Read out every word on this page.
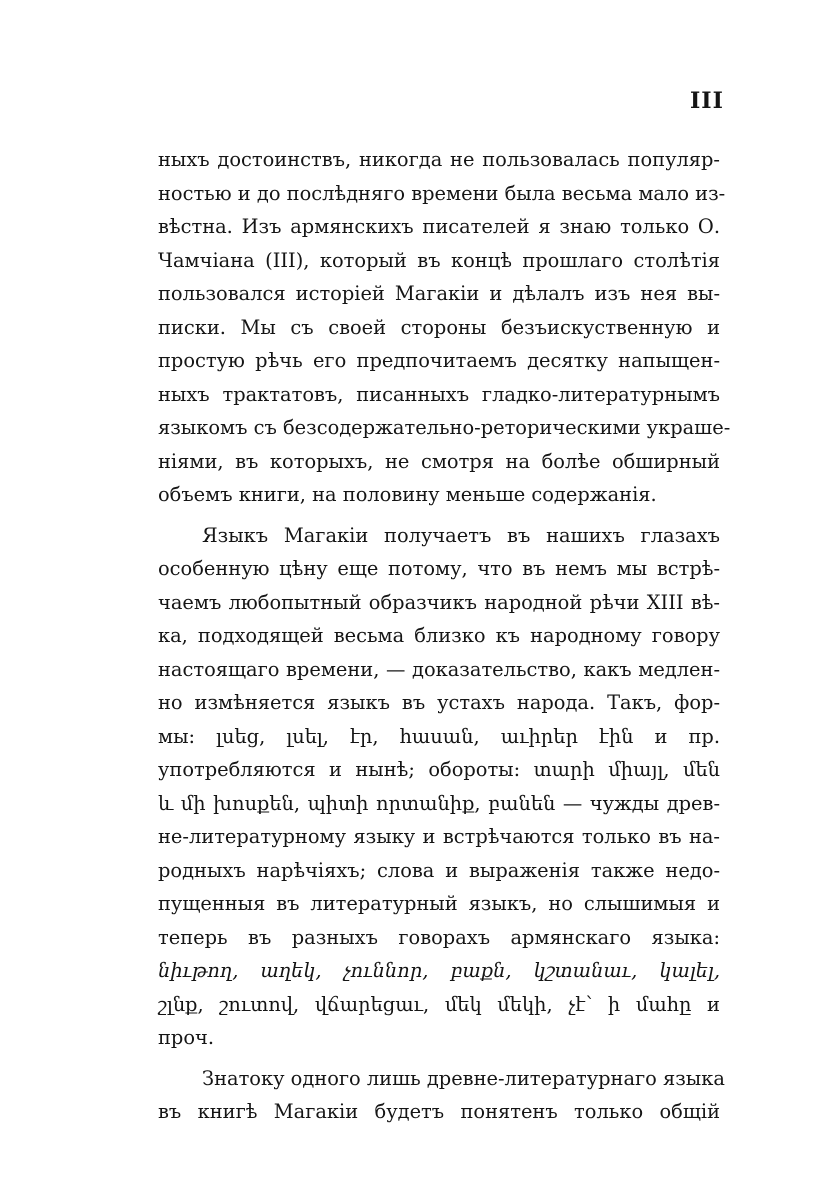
III
ныхъ достоинствъ, никогда не пользовалась популяр-
ностью и до послѣдняго времени была весьма мало из-
вѣстна. Изъ армянскихъ писателей я знаю только О.
Чамчіана (III), который въ концѣ прошлаго столѣтія
пользовался исторіей Магакіи и дѣлалъ изъ нея вы-
писки. Мы съ своей стороны безъискуственную и
простую рѣчь его предпочитаемъ десятку напыщен-
ныхъ трактатовъ, писанныхъ гладко-литературнымъ
языкомъ съ безсодержательно-реторическими украше-
ніями, въ которыхъ, не смотря на болѣе обширный
объемъ книги, на половину меньше содержанія.
Языкъ Магакіи получаетъ въ нашихъ глазахъ
особенную цѣну еще потому, что въ немъ мы встрѣ-
чаемъ любопытный образчикъ народной рѣчи XIII вѣ-
ка, подходящей весьма близко къ народному говору
настоящаго времени, — доказательство, какъ медлен-
но измѣняется языкъ въ устахъ народа. Такъ, фор-
мы: լսեց, լսել, էր, հասան, աւիրեր էին и пр.
употребляются и нынѣ; обороты: տարի միայլ, մեն
և մի խոսքեն, պիտի որտանիք, բանեն — чужды древ-
не-литературному языку и встрѣчаются только въ на-
родныхъ нарѣчіяхъ; слова и выраженія также недо-
пущенныя въ литературный языкъ, но слышимыя и
теперь въ разныхъ говорахъ армянскаго языка:
նիւթող, աղեկ, չուննոր, բաքն, կշտանաւ, կալել,
շլնք, շուտով, վճարեցաւ, մեկ մեկի, չէ՝ ի մահը и
проч.
Знатоку одного лишь древне-литературнаго языка
въ книгѣ Магакіи будетъ понятенъ только общій
